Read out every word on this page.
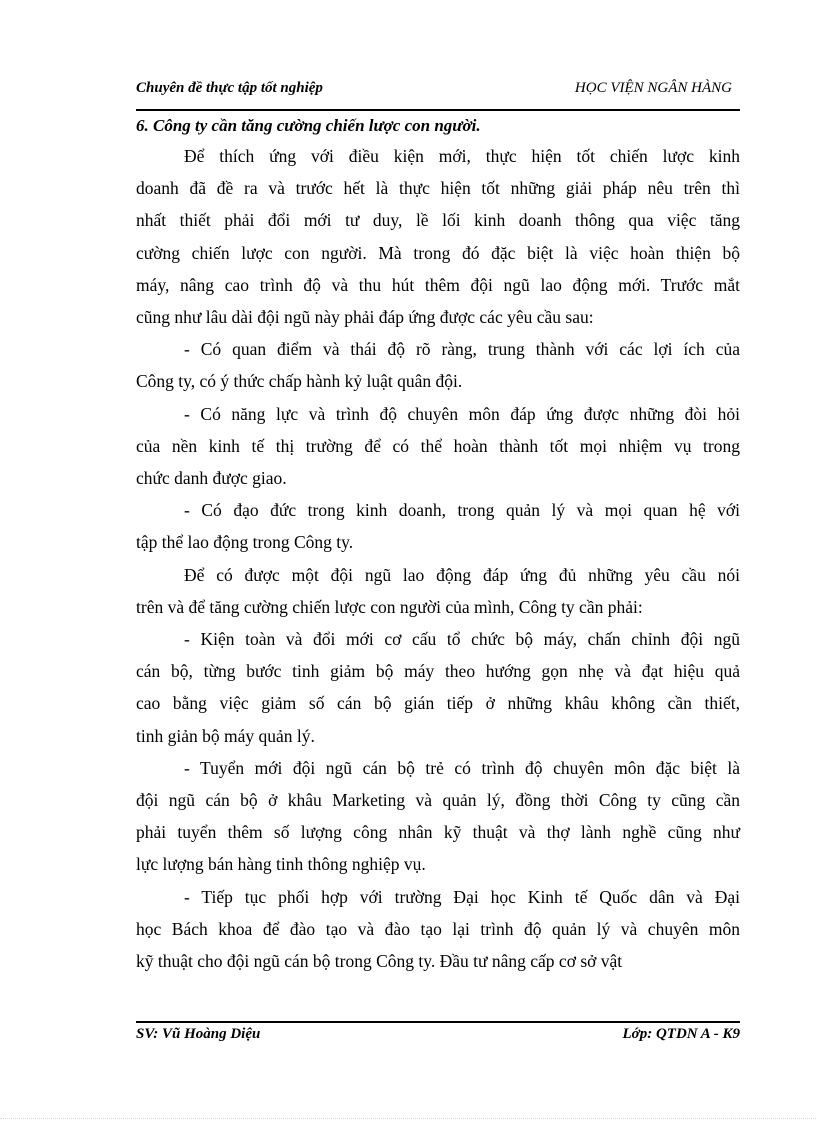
Chuyên đề thực tập tốt nghiệp	HỌC VIỆN NGÂN HÀNG

6. Công ty cần tăng cường chiến lược con người.

Để thích ứng với điều kiện mới, thực hiện tốt chiến lược kinh
doanh đã đề ra và trước hết là thực hiện tốt những giải pháp nêu trên thì
nhất thiết phải đổi mới tư duy, lề lối kinh doanh thông qua việc tăng
cường chiến lược con người. Mà trong đó đặc biệt là việc hoàn thiện bộ
máy, nâng cao trình độ và thu hút thêm đội ngũ lao động mới. Trước mắt
cũng như lâu dài đội ngũ này phải đáp ứng được các yêu cầu sau:

- Có quan điểm và thái độ rõ ràng, trung thành với các lợi ích của
Công ty, có ý thức chấp hành kỷ luật quân đội.

- Có năng lực và trình độ chuyên môn đáp ứng được những đòi hỏi
của nền kinh tế thị trường để có thể hoàn thành tốt mọi nhiệm vụ trong
chức danh được giao.

- Có đạo đức trong kinh doanh, trong quản lý và mọi quan hệ với
tập thể lao động trong Công ty.

Để có được một đội ngũ lao động đáp ứng đủ những yêu cầu nói
trên và để tăng cường chiến lược con người của mình, Công ty cần phải:

- Kiện toàn và đổi mới cơ cấu tổ chức bộ máy, chấn chỉnh đội ngũ
cán bộ, từng bước tinh giảm bộ máy theo hướng gọn nhẹ và đạt hiệu quả
cao bằng việc giảm số cán bộ gián tiếp ở những khâu không cần thiết,
tinh giản bộ máy quản lý.

- Tuyển mới đội ngũ cán bộ trẻ có trình độ chuyên môn đặc biệt là
đội ngũ cán bộ ở khâu Marketing và quản lý, đồng thời Công ty cũng cần
phải tuyển thêm số lượng công nhân kỹ thuật và thợ lành nghề cũng như
lực lượng bán hàng tinh thông nghiệp vụ.

- Tiếp tục phối hợp với trường Đại học Kinh tế Quốc dân và Đại
học Bách khoa để đào tạo và đào tạo lại trình độ quản lý và chuyên môn
kỹ thuật cho đội ngũ cán bộ trong Công ty. Đầu tư nâng cấp cơ sở vật

SV: Vũ Hoàng Diệu	Lớp: QTDN A - K9
